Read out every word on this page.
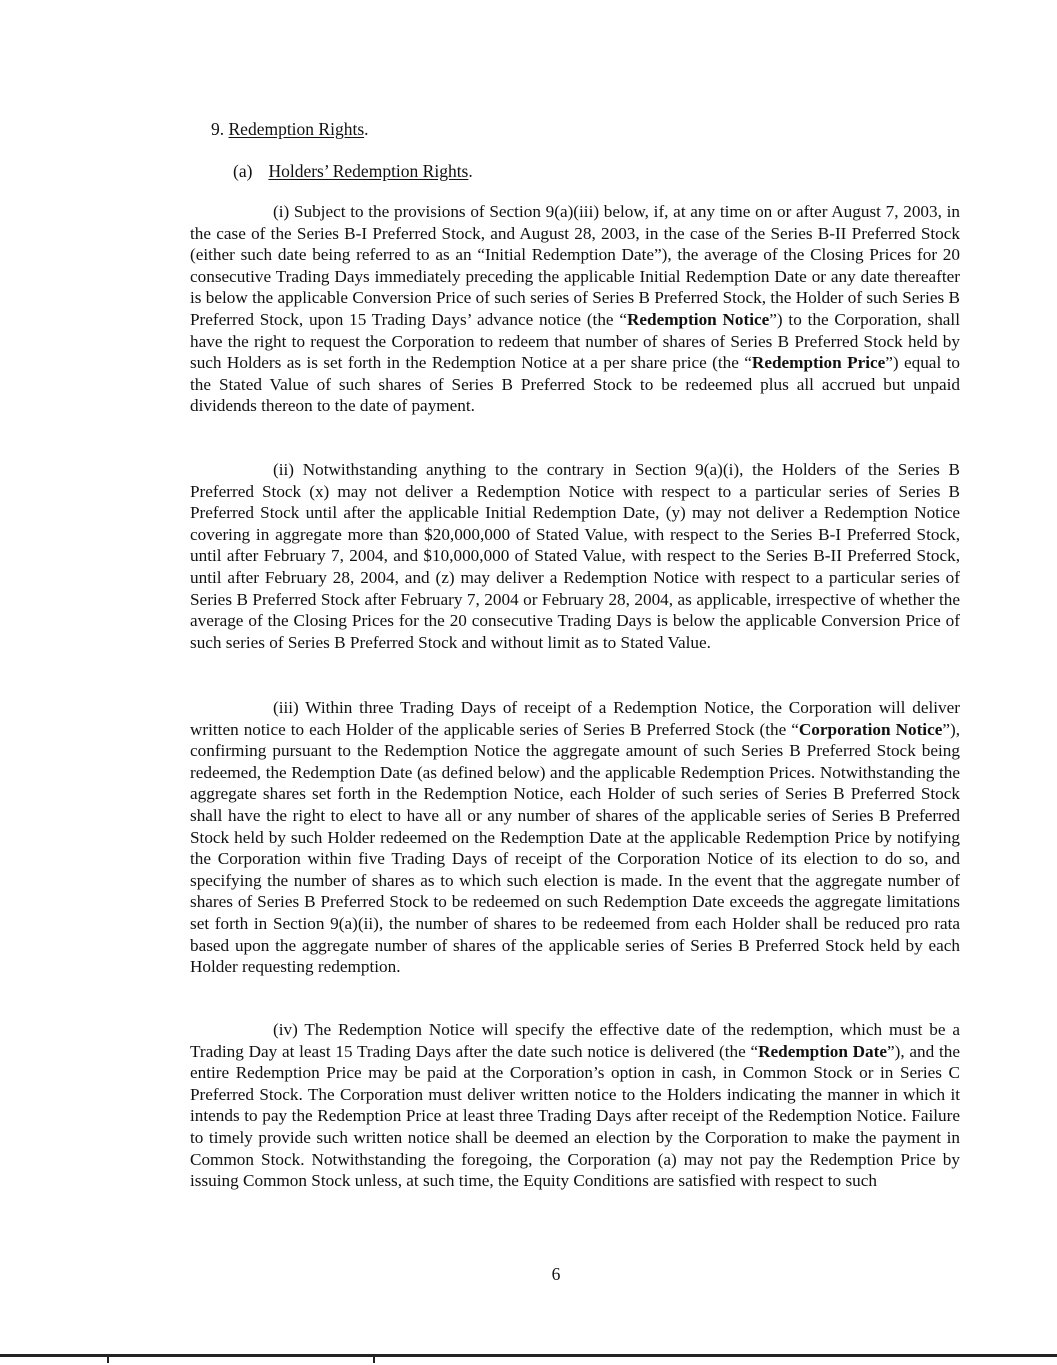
9. Redemption Rights.

(a) Holders’ Redemption Rights.

(i) Subject to the provisions of Section 9(a)(iii) below, if, at any time on or after August 7, 2003, in the case of the Series B-I Preferred Stock, and August 28, 2003, in the case of the Series B-II Preferred Stock (either such date being referred to as an “Initial Redemption Date”), the average of the Closing Prices for 20 consecutive Trading Days immediately preceding the applicable Initial Redemption Date or any date thereafter is below the applicable Conversion Price of such series of Series B Preferred Stock, the Holder of such Series B Preferred Stock, upon 15 Trading Days’ advance notice (the “Redemption Notice”) to the Corporation, shall have the right to request the Corporation to redeem that number of shares of Series B Preferred Stock held by such Holders as is set forth in the Redemption Notice at a per share price (the “Redemption Price”) equal to the Stated Value of such shares of Series B Preferred Stock to be redeemed plus all accrued but unpaid dividends thereon to the date of payment.

(ii) Notwithstanding anything to the contrary in Section 9(a)(i), the Holders of the Series B Preferred Stock (x) may not deliver a Redemption Notice with respect to a particular series of Series B Preferred Stock until after the applicable Initial Redemption Date, (y) may not deliver a Redemption Notice covering in aggregate more than $20,000,000 of Stated Value, with respect to the Series B-I Preferred Stock, until after February 7, 2004, and $10,000,000 of Stated Value, with respect to the Series B-II Preferred Stock, until after February 28, 2004, and (z) may deliver a Redemption Notice with respect to a particular series of Series B Preferred Stock after February 7, 2004 or February 28, 2004, as applicable, irrespective of whether the average of the Closing Prices for the 20 consecutive Trading Days is below the applicable Conversion Price of such series of Series B Preferred Stock and without limit as to Stated Value.

(iii) Within three Trading Days of receipt of a Redemption Notice, the Corporation will deliver written notice to each Holder of the applicable series of Series B Preferred Stock (the “Corporation Notice”), confirming pursuant to the Redemption Notice the aggregate amount of such Series B Preferred Stock being redeemed, the Redemption Date (as defined below) and the applicable Redemption Prices. Notwithstanding the aggregate shares set forth in the Redemption Notice, each Holder of such series of Series B Preferred Stock shall have the right to elect to have all or any number of shares of the applicable series of Series B Preferred Stock held by such Holder redeemed on the Redemption Date at the applicable Redemption Price by notifying the Corporation within five Trading Days of receipt of the Corporation Notice of its election to do so, and specifying the number of shares as to which such election is made. In the event that the aggregate number of shares of Series B Preferred Stock to be redeemed on such Redemption Date exceeds the aggregate limitations set forth in Section 9(a)(ii), the number of shares to be redeemed from each Holder shall be reduced pro rata based upon the aggregate number of shares of the applicable series of Series B Preferred Stock held by each Holder requesting redemption.

(iv) The Redemption Notice will specify the effective date of the redemption, which must be a Trading Day at least 15 Trading Days after the date such notice is delivered (the “Redemption Date”), and the entire Redemption Price may be paid at the Corporation’s option in cash, in Common Stock or in Series C Preferred Stock. The Corporation must deliver written notice to the Holders indicating the manner in which it intends to pay the Redemption Price at least three Trading Days after receipt of the Redemption Notice. Failure to timely provide such written notice shall be deemed an election by the Corporation to make the payment in Common Stock. Notwithstanding the foregoing, the Corporation (a) may not pay the Redemption Price by issuing Common Stock unless, at such time, the Equity Conditions are satisfied with respect to such

6
